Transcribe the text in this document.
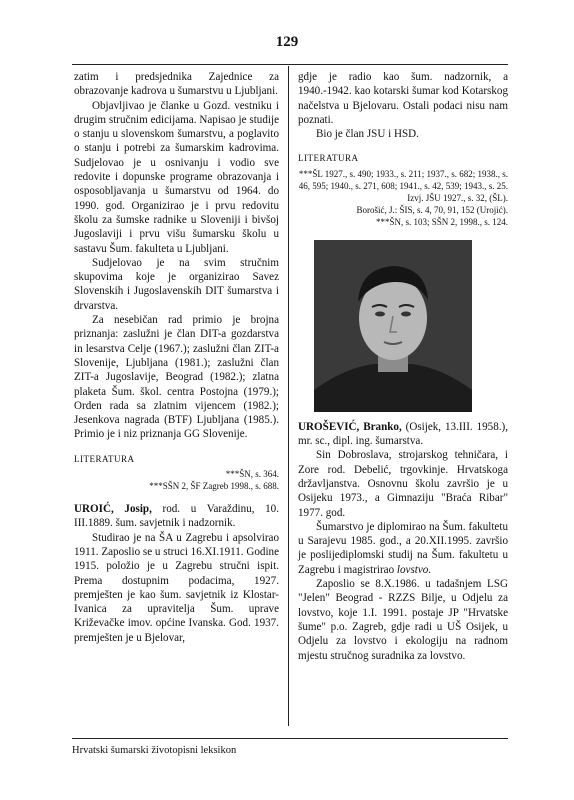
129

zatim i predsjednika Zajednice za obrazovanje kadrova u šumarstvu u Ljubljani.

Objavljivao je članke u Gozd. vestniku i drugim stručnim edicijama. Napisao je studije o stanju u slovenskom šumarstvu, a poglavito o stanju i potrebi za šumarskim kadrovima. Sudjelovao je u osnivanju i vodio sve redovite i dopunske programe obrazovanja i osposobljavanja u šumarstvu od 1964. do 1990. god. Organizirao je i prvu redovitu školu za šumske radnike u Sloveniji i bivšoj Jugoslaviji i prvu višu šumarsku školu u sastavu Šum. fakulteta u Ljubljani.

Sudjelovao je na svim stručnim skupovima koje je organizirao Savez Slovenskih i Jugoslavenskih DIT šumarstva i drvarstva.

Za nesebičan rad primio je brojna priznanja: zaslužni je član DIT-a gozdarstva in lesarstva Celje (1967.); zaslužni član ZIT-a Slovenije, Ljubljana (1981.); zaslužni član ZIT-a Jugoslavije, Beograd (1982.); zlatna plaketa Šum. škol. centra Postojna (1979.); Orden rada sa zlatnim vijencem (1982.); Jesenkova nagrada (BTF) Ljubljana (1985.). Primio je i niz priznanja GG Slovenije.

LITERATURA
***ŠN, s. 364.
***SŠN 2, ŠF Zagreb 1998., s. 688.

UROIĆ, Josip, rod. u Varaždinu, 10. III.1889. šum. savjetnik i nadzornik.

Studirao je na ŠA u Zagrebu i apsolvirao 1911. Zaposlio se u struci 16.XI.1911. Godine 1915. položio je u Zagrebu stručni ispit. Prema dostupnim podacima, 1927. premješten je kao šum. savjetnik iz Klostar-Ivanica za upravitelja Šum. uprave Križevačke imov. općine Ivanska. God. 1937. premješten je u Bjelovar,

gdje je radio kao šum. nadzornik, a 1940.-1942. kao kotarski šumar kod Kotarskog načelstva u Bjelovaru. Ostali podaci nisu nam poznati.

Bio je član JSU i HSD.

LITERATURA
***ŠL 1927., s. 490; 1933., s. 211; 1937., s. 682; 1938., s. 46, 595; 1940., s. 271, 608; 1941., s. 42, 539; 1943., s. 25.
Izvj. JŠU 1927., s. 32, (ŠL).
Borošić, J.: ŠIS, s. 4, 70, 91, 152 (Urojić).
***ŠN, s. 103; SŠN 2, 1998., s. 124.

UROŠEVIĆ, Branko, (Osijek, 13.III. 1958.), mr. sc., dipl. ing. šumarstva.

Sin Dobroslava, strojarskog tehničara, i Zore rod. Debelić, trgovkinje. Hrvatskoga državljanstva. Osnovnu školu završio je u Osijeku 1973., a Gimnaziju "Braća Ribar" 1977. god.

Šumarstvo je diplomirao na Šum. fakultetu u Sarajevu 1985. god., a 20.XII.1995. završio je poslijediplomski studij na Šum. fakultetu u Zagrebu i magistrirao lovstvo.

Zaposlio se 8.X.1986. u tadašnjem LSG "Jelen" Beograd - RZZS Bilje, u Odjelu za lovstvo, koje 1.I. 1991. postaje JP "Hrvatske šume" p.o. Zagreb, gdje radi u UŠ Osijek, u Odjelu za lovstvo i ekologiju na radnom mjestu stručnog suradnika za lovstvo.

Hrvatski šumarski životopisni leksikon
